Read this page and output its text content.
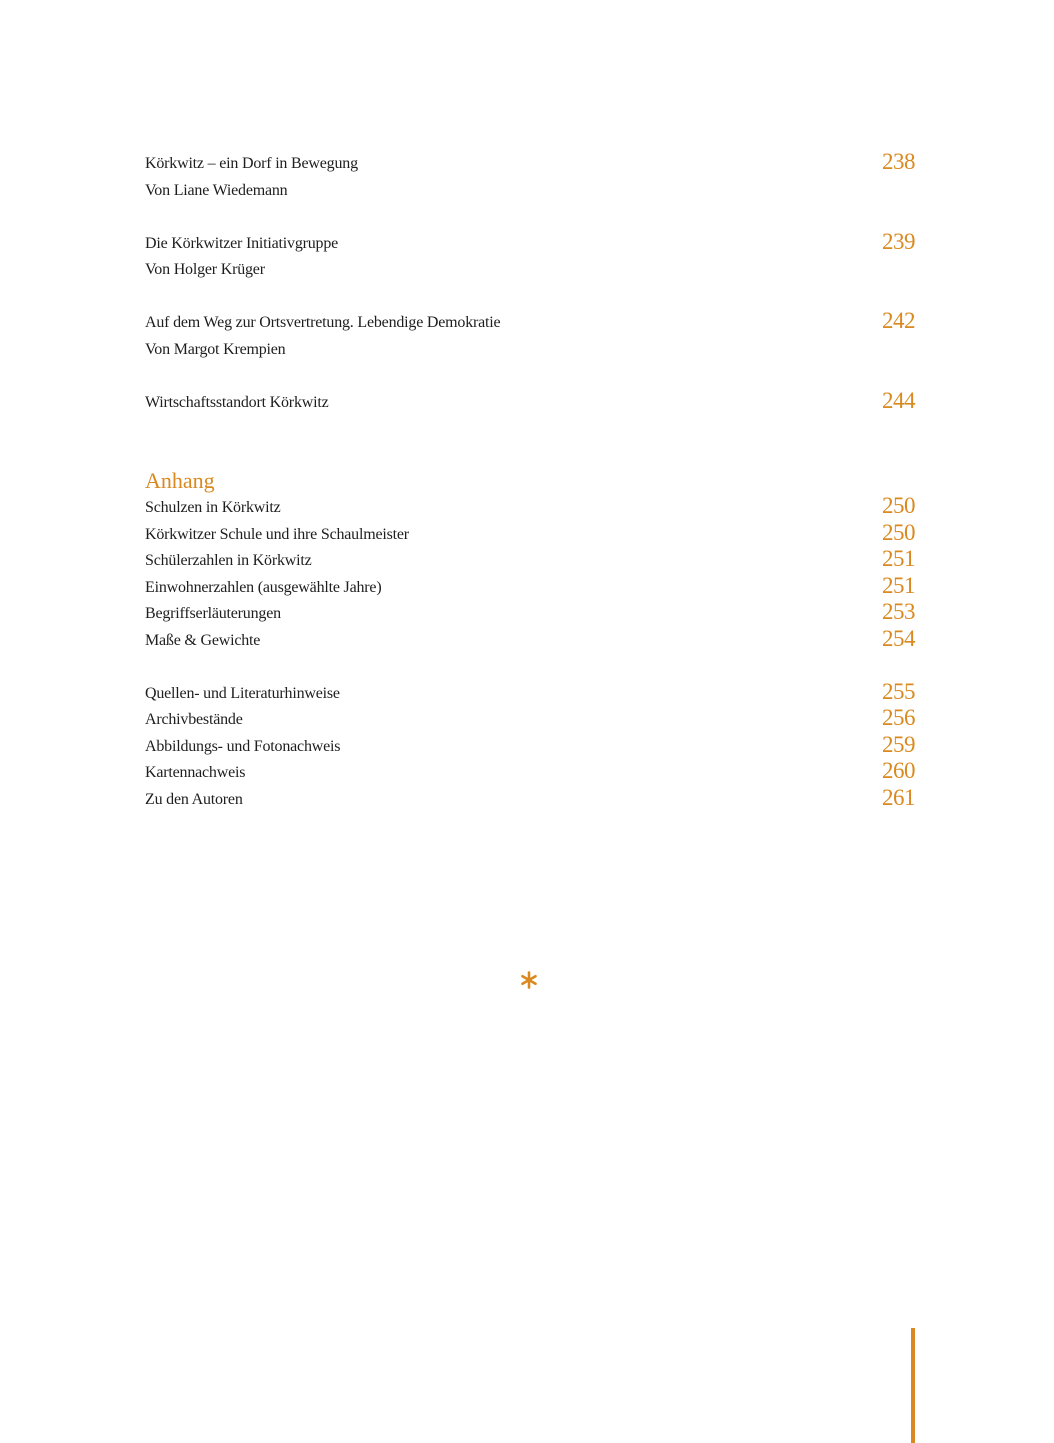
Körkwitz – ein Dorf in Bewegung	238
Von Liane Wiedemann
Die Körkwitzer Initiativgruppe	239
Von Holger Krüger
Auf dem Weg zur Ortsvertretung. Lebendige Demokratie	242
Von Margot Krempien
Wirtschaftsstandort Körkwitz	244
Anhang
Schulzen in Körkwitz	250
Körkwitzer Schule und ihre Schaulmeister	250
Schülerzahlen in Körkwitz	251
Einwohnerzahlen (ausgewählte Jahre)	251
Begriffserläuterungen	253
Maße & Gewichte	254
Quellen- und Literaturhinweise	255
Archivbestände	256
Abbildungs- und Fotonachweis	259
Kartennachweis	260
Zu den Autoren	261
